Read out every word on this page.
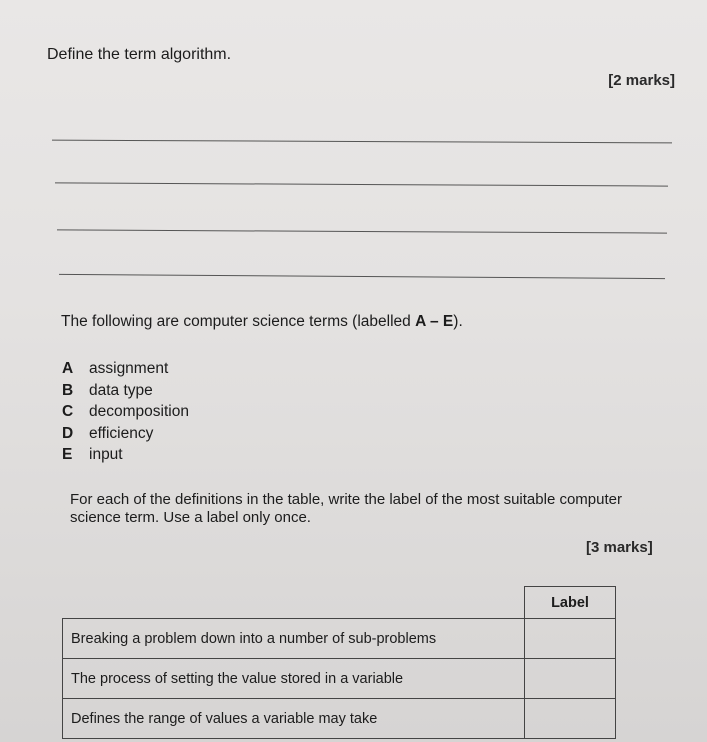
Define the term algorithm.
[2 marks]
The following are computer science terms (labelled A – E).
A	assignment
B	data type
C	decomposition
D	efficiency
E	input
For each of the definitions in the table, write the label of the most suitable computer science term. Use a label only once.
[3 marks]
	Label
Breaking a problem down into a number of sub-problems	
The process of setting the value stored in a variable	
Defines the range of values a variable may take	
